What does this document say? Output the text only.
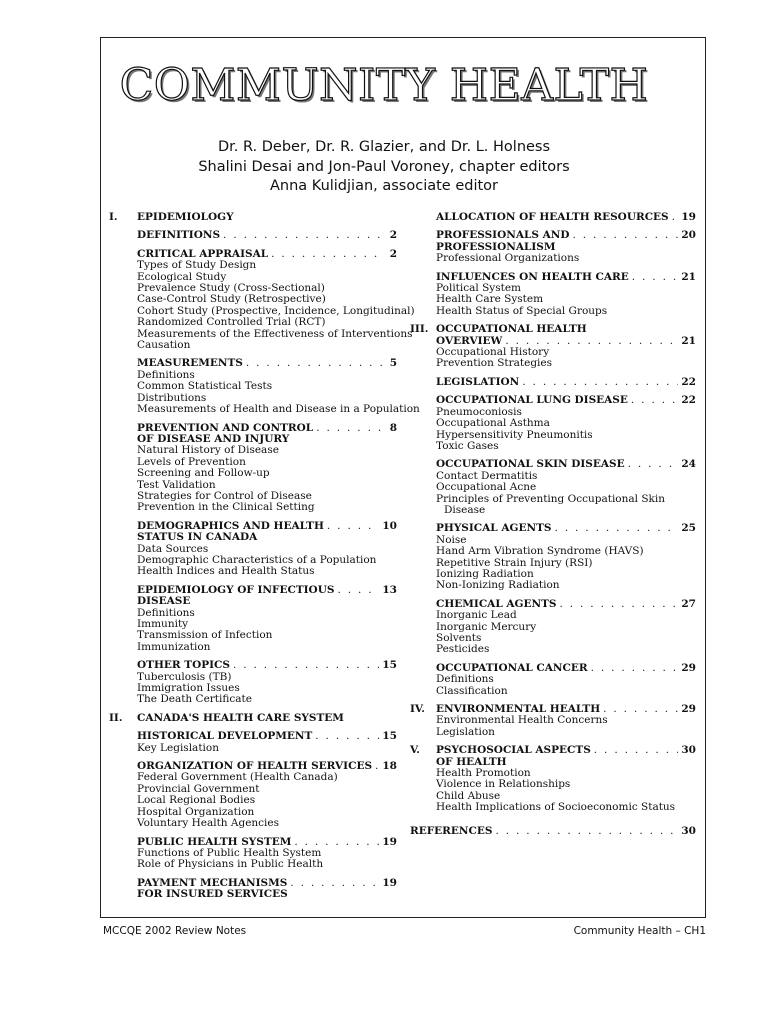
COMMUNITY HEALTH
Dr. R. Deber, Dr. R. Glazier, and Dr. L. Holness
Shalini Desai and Jon-Paul Voroney, chapter editors
Anna Kulidjian, associate editor
I.	EPIDEMIOLOGY
DEFINITIONS . . .	2
CRITICAL APPRAISAL . . .	2
Types of Study Design
Ecological Study
Prevalence Study (Cross-Sectional)
Case-Control Study (Retrospective)
Cohort Study (Prospective, Incidence, Longitudinal)
Randomized Controlled Trial (RCT)
Measurements of the Effectiveness of Interventions
Causation
MEASUREMENTS . . .	5
Definitions
Common Statistical Tests
Distributions
Measurements of Health and Disease in a Population
PREVENTION AND CONTROL . . .	8
OF DISEASE AND INJURY
Natural History of Disease
Levels of Prevention
Screening and Follow-up
Test Validation
Strategies for Control of Disease
Prevention in the Clinical Setting
DEMOGRAPHICS AND HEALTH . . .	10
STATUS IN CANADA
Data Sources
Demographic Characteristics of a Population
Health Indices and Health Status
EPIDEMIOLOGY OF INFECTIOUS . . .	13
DISEASE
Definitions
Immunity
Transmission of Infection
Immunization
OTHER TOPICS . . .	15
Tuberculosis (TB)
Immigration Issues
The Death Certificate
II.	CANADA'S HEALTH CARE SYSTEM
HISTORICAL DEVELOPMENT . . .	15
Key Legislation
ORGANIZATION OF HEALTH SERVICES . . . 18
Federal Government (Health Canada)
Provincial Government
Local Regional Bodies
Hospital Organization
Voluntary Health Agencies
PUBLIC HEALTH SYSTEM . . .	19
Functions of Public Health System
Role of Physicians in Public Health
PAYMENT MECHANISMS . . .	19
FOR INSURED SERVICES
ALLOCATION OF HEALTH RESOURCES . . . 19
PROFESSIONALS AND . . .	20
PROFESSIONALISM
Professional Organizations
INFLUENCES ON HEALTH CARE . . .	21
Political System
Health Care System
Health Status of Special Groups
III. OCCUPATIONAL HEALTH
OVERVIEW . . .	21
Occupational History
Prevention Strategies
LEGISLATION . . .	22
OCCUPATIONAL LUNG DISEASE . . .	22
Pneumoconiosis
Occupational Asthma
Hypersensitivity Pneumonitis
Toxic Gases
OCCUPATIONAL SKIN DISEASE . . .	24
Contact Dermatitis
Occupational Acne
Principles of Preventing Occupational Skin
Disease
PHYSICAL AGENTS . . .	25
Noise
Hand Arm Vibration Syndrome (HAVS)
Repetitive Strain Injury (RSI)
Ionizing Radiation
Non-Ionizing Radiation
CHEMICAL AGENTS . . .	27
Inorganic Lead
Inorganic Mercury
Solvents
Pesticides
OCCUPATIONAL CANCER . . .	29
Definitions
Classification
IV.	ENVIRONMENTAL HEALTH . . .	29
Environmental Health Concerns
Legislation
V.	PSYCHOSOCIAL ASPECTS . . .	30
OF HEALTH
Health Promotion
Violence in Relationships
Child Abuse
Health Implications of Socioeconomic Status
REFERENCES . . .	30
MCCQE 2002 Review Notes	Community Health – CH1
